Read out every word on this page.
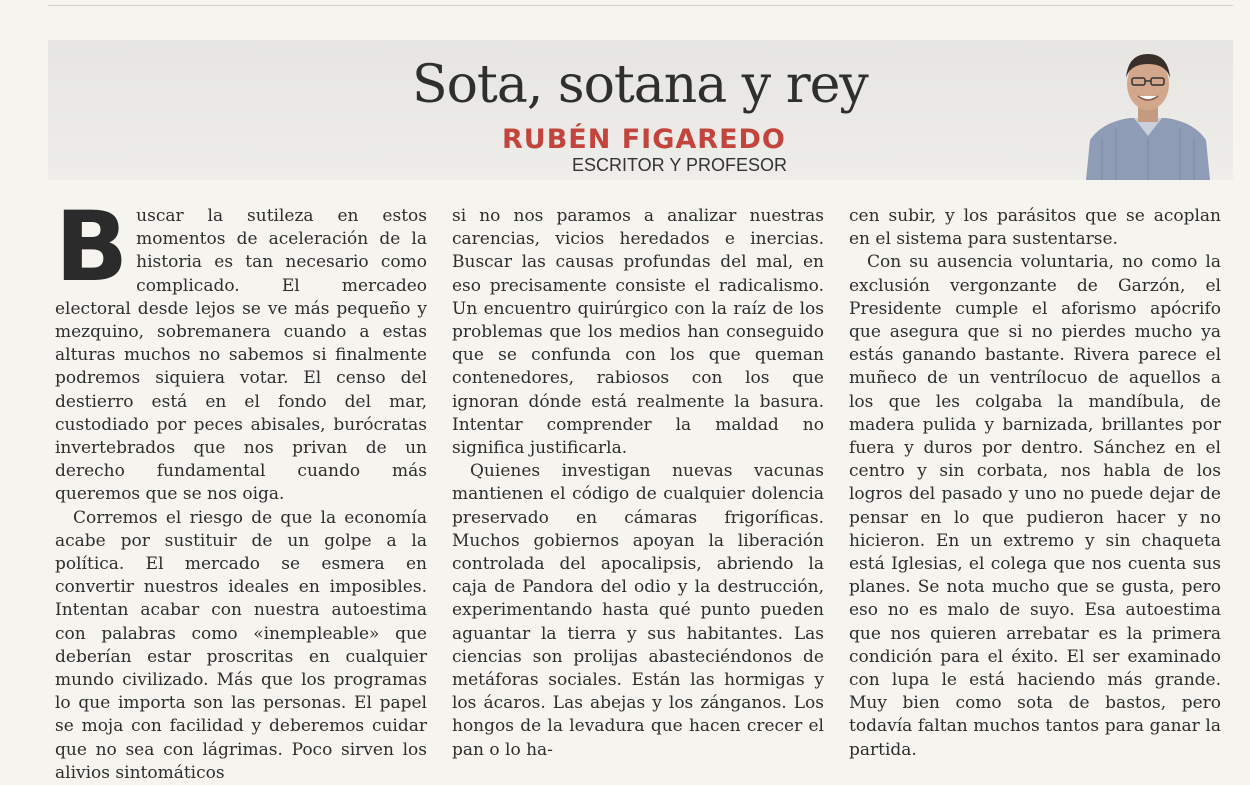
Sota, sotana y rey
RUBÉN FIGAREDO
ESCRITOR Y PROFESOR

Buscar la sutileza en estos momentos de aceleración de la historia es tan necesario como complicado. El mercadeo electoral desde lejos se ve más pequeño y mezquino, sobremanera cuando a estas alturas muchos no sabemos si finalmente podremos siquiera votar. El censo del destierro está en el fondo del mar, custodiado por peces abisales, burócratas invertebrados que nos privan de un derecho fundamental cuando más queremos que se nos oiga.

Corremos el riesgo de que la economía acabe por sustituir de un golpe a la política. El mercado se esmera en convertir nuestros ideales en imposibles. Intentan acabar con nuestra autoestima con palabras como «inempleable» que deberían estar proscritas en cualquier mundo civilizado. Más que los programas lo que importa son las personas. El papel se moja con facilidad y deberemos cuidar que no sea con lágrimas. Poco sirven los alivios sintomáticos

si no nos paramos a analizar nuestras carencias, vicios heredados e inercias. Buscar las causas profundas del mal, en eso precisamente consiste el radicalismo. Un encuentro quirúrgico con la raíz de los problemas que los medios han conseguido que se confunda con los que queman contenedores, rabiosos con los que ignoran dónde está realmente la basura. Intentar comprender la maldad no significa justificarla.

Quienes investigan nuevas vacunas mantienen el código de cualquier dolencia preservado en cámaras frigoríficas. Muchos gobiernos apoyan la liberación controlada del apocalipsis, abriendo la caja de Pandora del odio y la destrucción, experimentando hasta qué punto pueden aguantar la tierra y sus habitantes. Las ciencias son prolijas abasteciéndonos de metáforas sociales. Están las hormigas y los ácaros. Las abejas y los zánganos. Los hongos de la levadura que hacen crecer el pan o lo ha-

cen subir, y los parásitos que se acoplan en el sistema para sustentarse.

Con su ausencia voluntaria, no como la exclusión vergonzante de Garzón, el Presidente cumple el aforismo apócrifo que asegura que si no pierdes mucho ya estás ganando bastante. Rivera parece el muñeco de un ventrílocuo de aquellos a los que les colgaba la mandíbula, de madera pulida y barnizada, brillantes por fuera y duros por dentro. Sánchez en el centro y sin corbata, nos habla de los logros del pasado y uno no puede dejar de pensar en lo que pudieron hacer y no hicieron. En un extremo y sin chaqueta está Iglesias, el colega que nos cuenta sus planes. Se nota mucho que se gusta, pero eso no es malo de suyo. Esa autoestima que nos quieren arrebatar es la primera condición para el éxito. El ser examinado con lupa le está haciendo más grande. Muy bien como sota de bastos, pero todavía faltan muchos tantos para ganar la partida.
